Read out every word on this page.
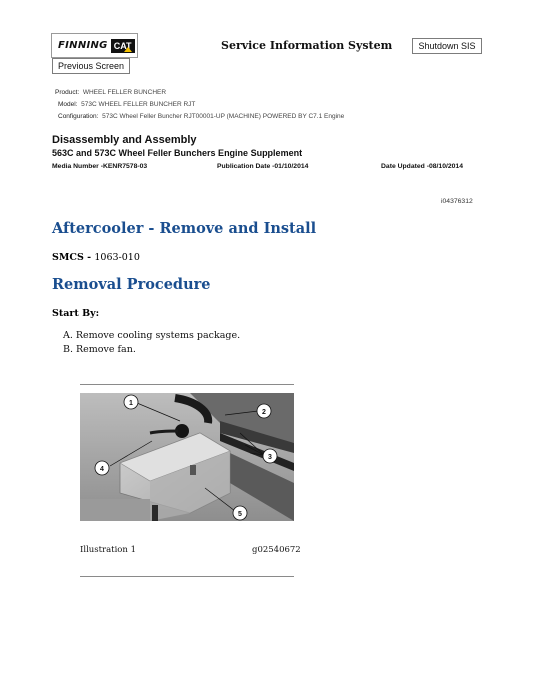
FINNING CAT	Service Information System	Shutdown SIS
Previous Screen
Product: WHEEL FELLER BUNCHER
Model: 573C WHEEL FELLER BUNCHER RJT
Configuration: 573C Wheel Feller Buncher RJT00001-UP (MACHINE) POWERED BY C7.1 Engine
Disassembly and Assembly
563C and 573C Wheel Feller Bunchers Engine Supplement
Media Number -KENR7578-03	Publication Date -01/10/2014	Date Updated -08/10/2014
i04376312
Aftercooler - Remove and Install
SMCS - 1063-010
Removal Procedure
Start By:
A. Remove cooling systems package.
B. Remove fan.
1
2
3
4
5
Illustration 1	g02540672
